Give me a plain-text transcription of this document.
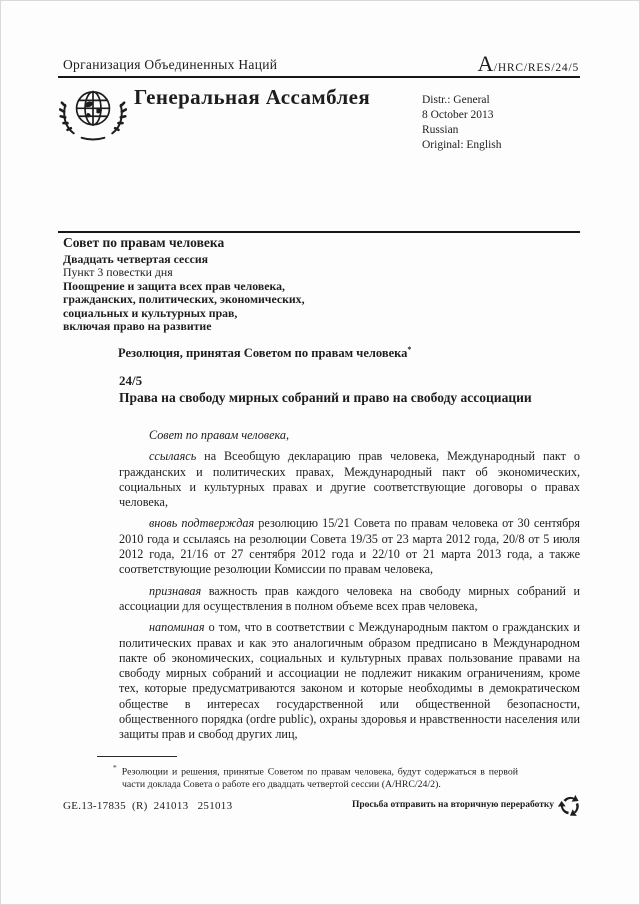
Организация Объединенных Наций	A/HRC/RES/24/5
Генеральная Ассамблея	Distr.: General
8 October 2013
Russian
Original: English
Совет по правам человека
Двадцать четвертая сессия
Пункт 3 повестки дня
Поощрение и защита всех прав человека,
гражданских, политических, экономических,
социальных и культурных прав,
включая право на развитие
Резолюция, принятая Советом по правам человека*
24/5
Права на свободу мирных собраний и право на свободу ассоциации

Совет по правам человека,

ссылаясь на Всеобщую декларацию прав человека, Международный пакт о гражданских и политических правах, Международный пакт об экономических, социальных и культурных правах и другие соответствующие договоры о правах человека,

вновь подтверждая резолюцию 15/21 Совета по правам человека от 30 сентября 2010 года и ссылаясь на резолюции Совета 19/35 от 23 марта 2012 года, 20/8 от 5 июля 2012 года, 21/16 от 27 сентября 2012 года и 22/10 от 21 марта 2013 года, а также соответствующие резолюции Комиссии по правам человека,

признавая важность прав каждого человека на свободу мирных собраний и ассоциации для осуществления в полном объеме всех прав человека,

напоминая о том, что в соответствии с Международным пактом о гражданских и политических правах и как это аналогичным образом предписано в Международном пакте об экономических, социальных и культурных правах пользование правами на свободу мирных собраний и ассоциации не подлежит никаким ограничениям, кроме тех, которые предусматриваются законом и которые необходимы в демократическом обществе в интересах государственной или общественной безопасности, общественного порядка (ordre public), охраны здоровья и нравственности населения или защиты прав и свобод других лиц,

* Резолюции и решения, принятые Советом по правам человека, будут содержаться в первой части доклада Совета о работе его двадцать четвертой сессии (A/HRC/24/2).
GE.13-17835  (R)  241013   251013	Просьба отправить на вторичную переработку
